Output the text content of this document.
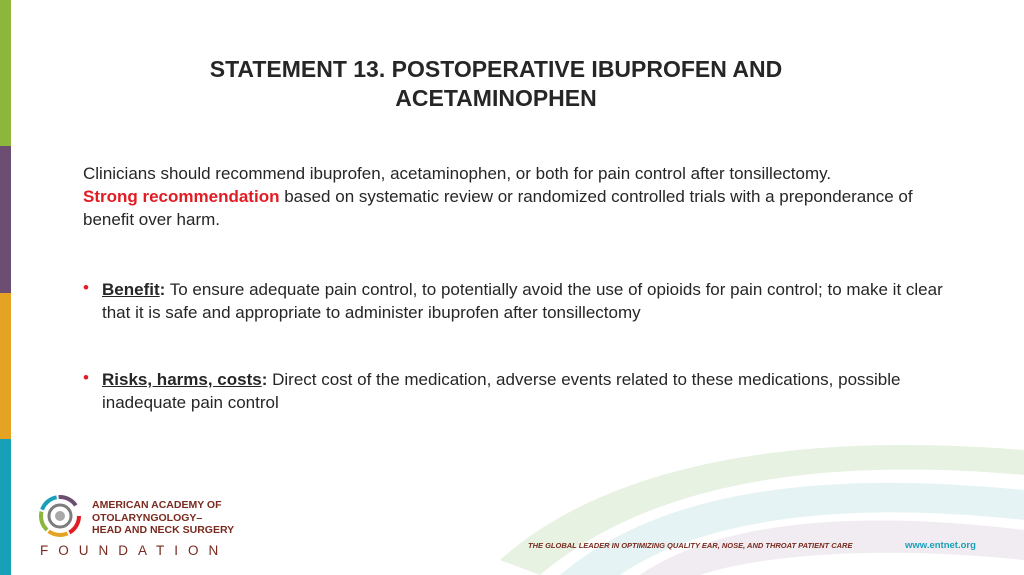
STATEMENT 13. POSTOPERATIVE IBUPROFEN AND
ACETAMINOPHEN
Clinicians should recommend ibuprofen, acetaminophen, or both for pain control after tonsillectomy.
Strong recommendation based on systematic review or randomized controlled trials with a preponderance of benefit over harm.
• Benefit: To ensure adequate pain control, to potentially avoid the use of opioids for pain control; to make it clear that it is safe and appropriate to administer ibuprofen after tonsillectomy
• Risks, harms, costs: Direct cost of the medication, adverse events related to these medications, possible inadequate pain control
AMERICAN ACADEMY OF
OTOLARYNGOLOGY–
HEAD AND NECK SURGERY
FOUNDATION	THE GLOBAL LEADER IN OPTIMIZING QUALITY EAR, NOSE, AND THROAT PATIENT CARE	www.entnet.org
